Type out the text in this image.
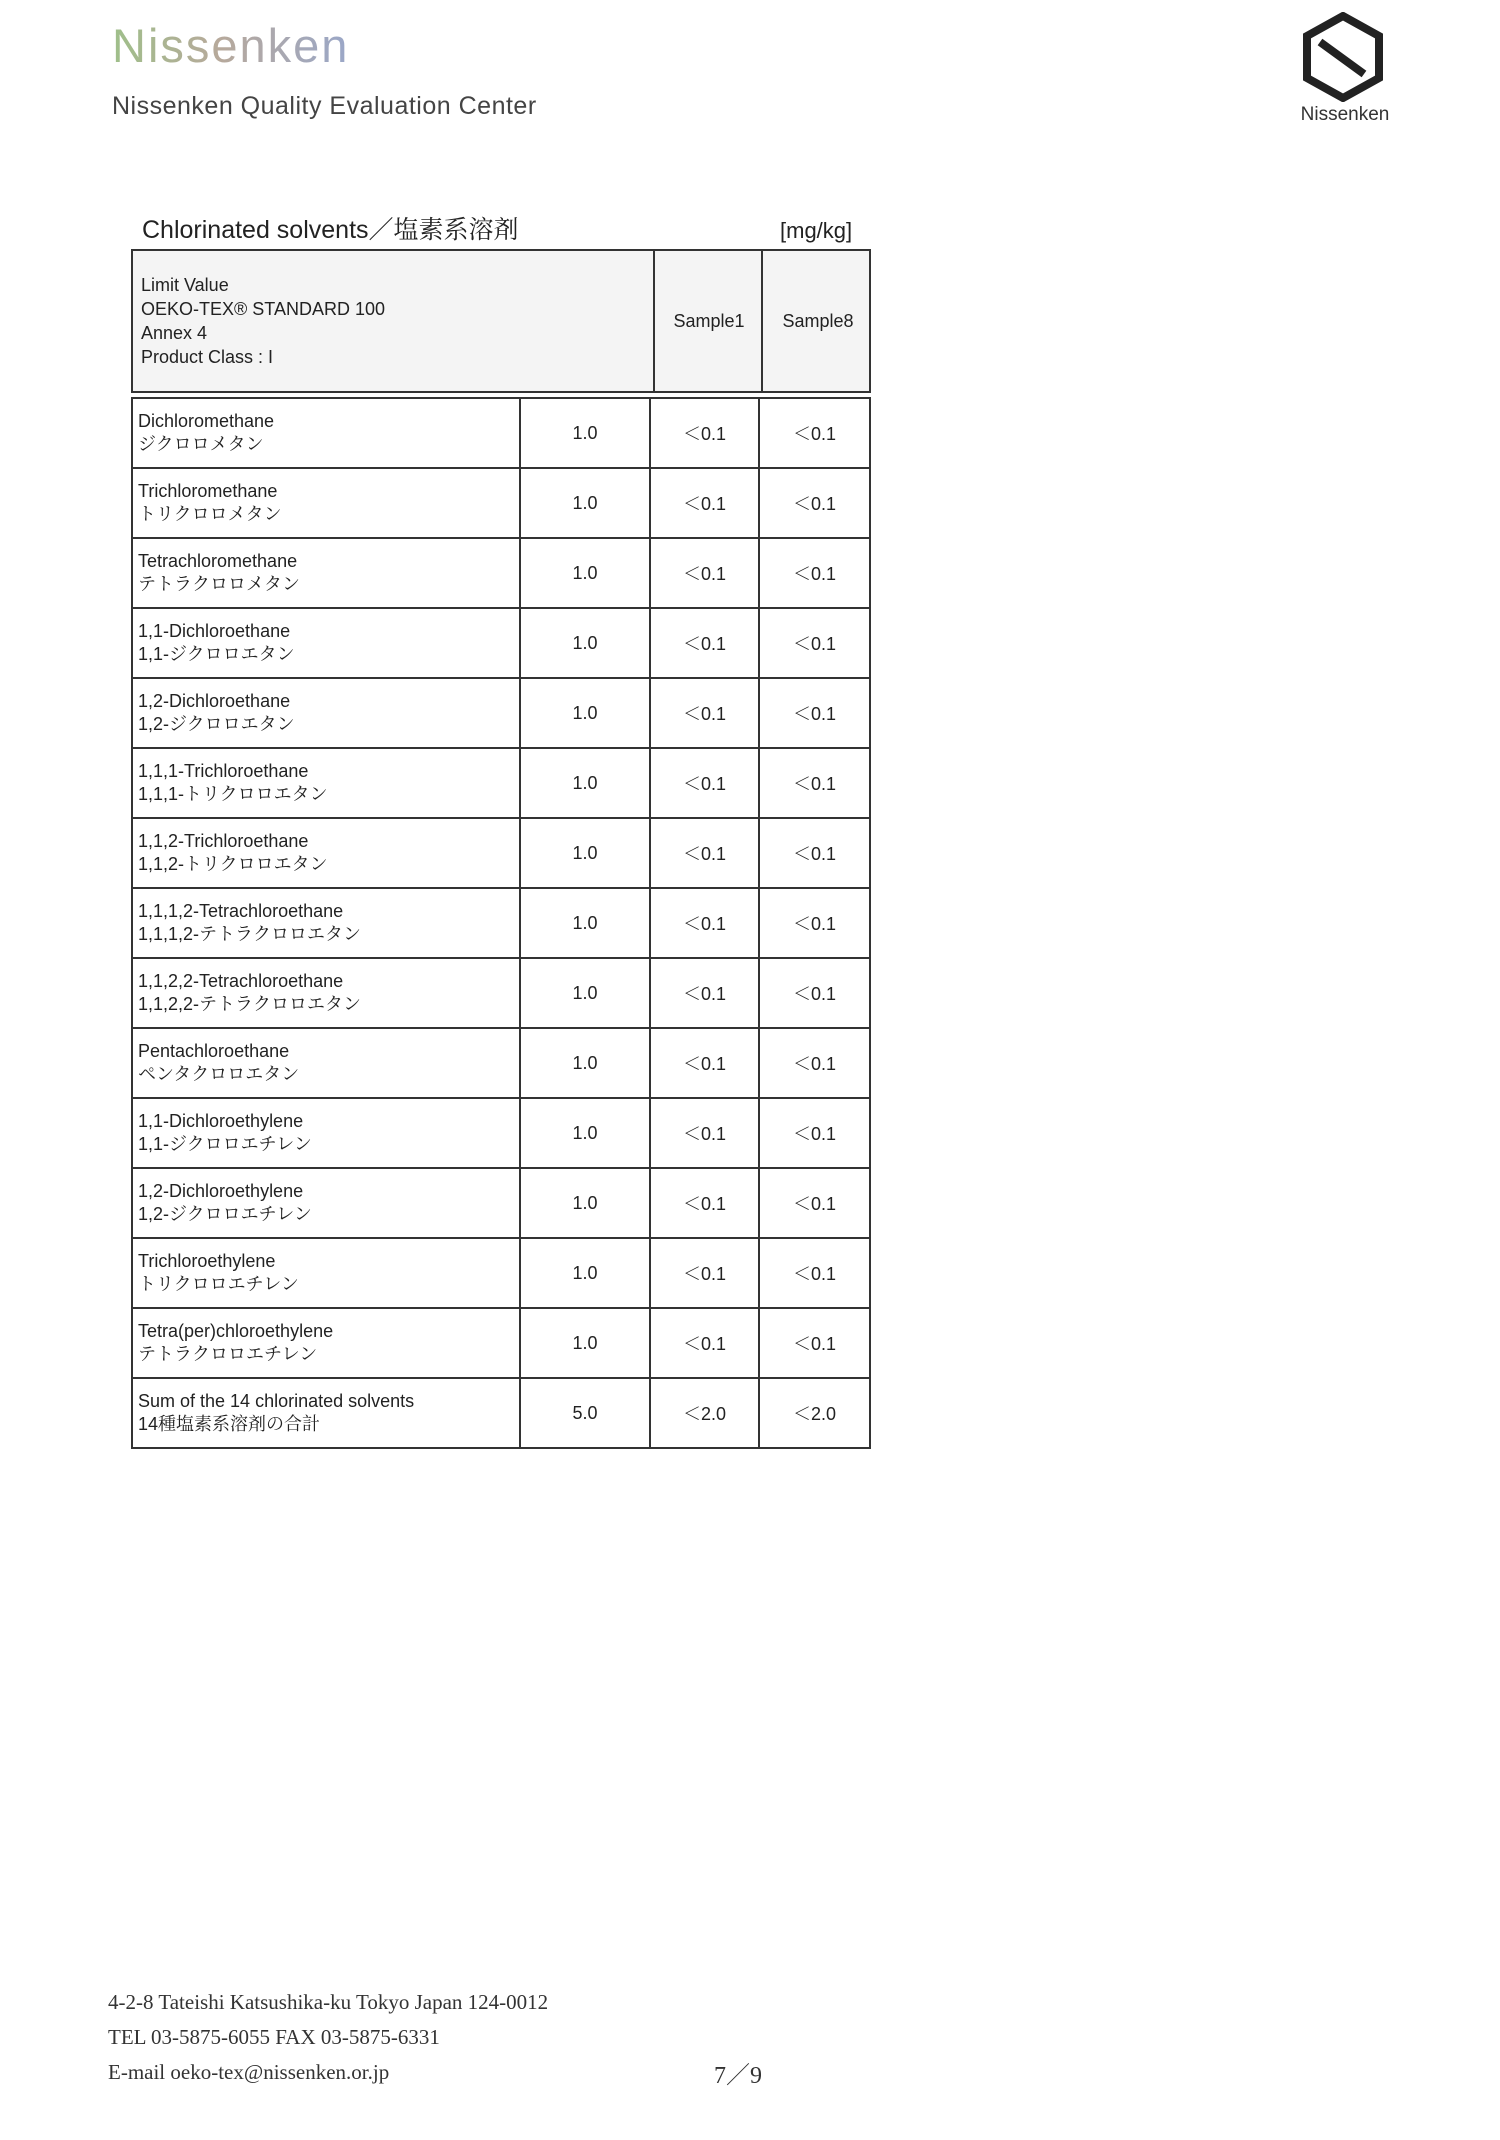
Nissenken
Nissenken Quality Evaluation Center	Nissenken
Chlorinated solvents／塩素系溶剤	[mg/kg]
Limit Value
OEKO-TEX® STANDARD 100
Annex 4
Product Class : I
Sample1	Sample8
Dichloromethane
ジクロロメタン	1.0	＜0.1	＜0.1

Trichloromethane
トリクロロメタン	1.0	＜0.1	＜0.1

Tetrachloromethane
テトラクロロメタン	1.0	＜0.1	＜0.1

1,1-Dichloroethane
1,1-ジクロロエタン	1.0	＜0.1	＜0.1

1,2-Dichloroethane
1,2-ジクロロエタン	1.0	＜0.1	＜0.1

1,1,1-Trichloroethane
1,1,1-トリクロロエタン	1.0	＜0.1	＜0.1

1,1,2-Trichloroethane
1,1,2-トリクロロエタン	1.0	＜0.1	＜0.1

1,1,1,2-Tetrachloroethane
1,1,1,2-テトラクロロエタン	1.0	＜0.1	＜0.1

1,1,2,2-Tetrachloroethane
1,1,2,2-テトラクロロエタン	1.0	＜0.1	＜0.1

Pentachloroethane
ペンタクロロエタン	1.0	＜0.1	＜0.1

1,1-Dichloroethylene
1,1-ジクロロエチレン	1.0	＜0.1	＜0.1

1,2-Dichloroethylene
1,2-ジクロロエチレン	1.0	＜0.1	＜0.1

Trichloroethylene
トリクロロエチレン	1.0	＜0.1	＜0.1

Tetra(per)chloroethylene
テトラクロロエチレン	1.0	＜0.1	＜0.1

Sum of the 14 chlorinated solvents
14種塩素系溶剤の合計	5.0	＜2.0	＜2.0
4-2-8 Tateishi Katsushika-ku Tokyo Japan 124-0012
TEL 03-5875-6055 FAX 03-5875-6331
E-mail oeko-tex@nissenken.or.jp	7／9
